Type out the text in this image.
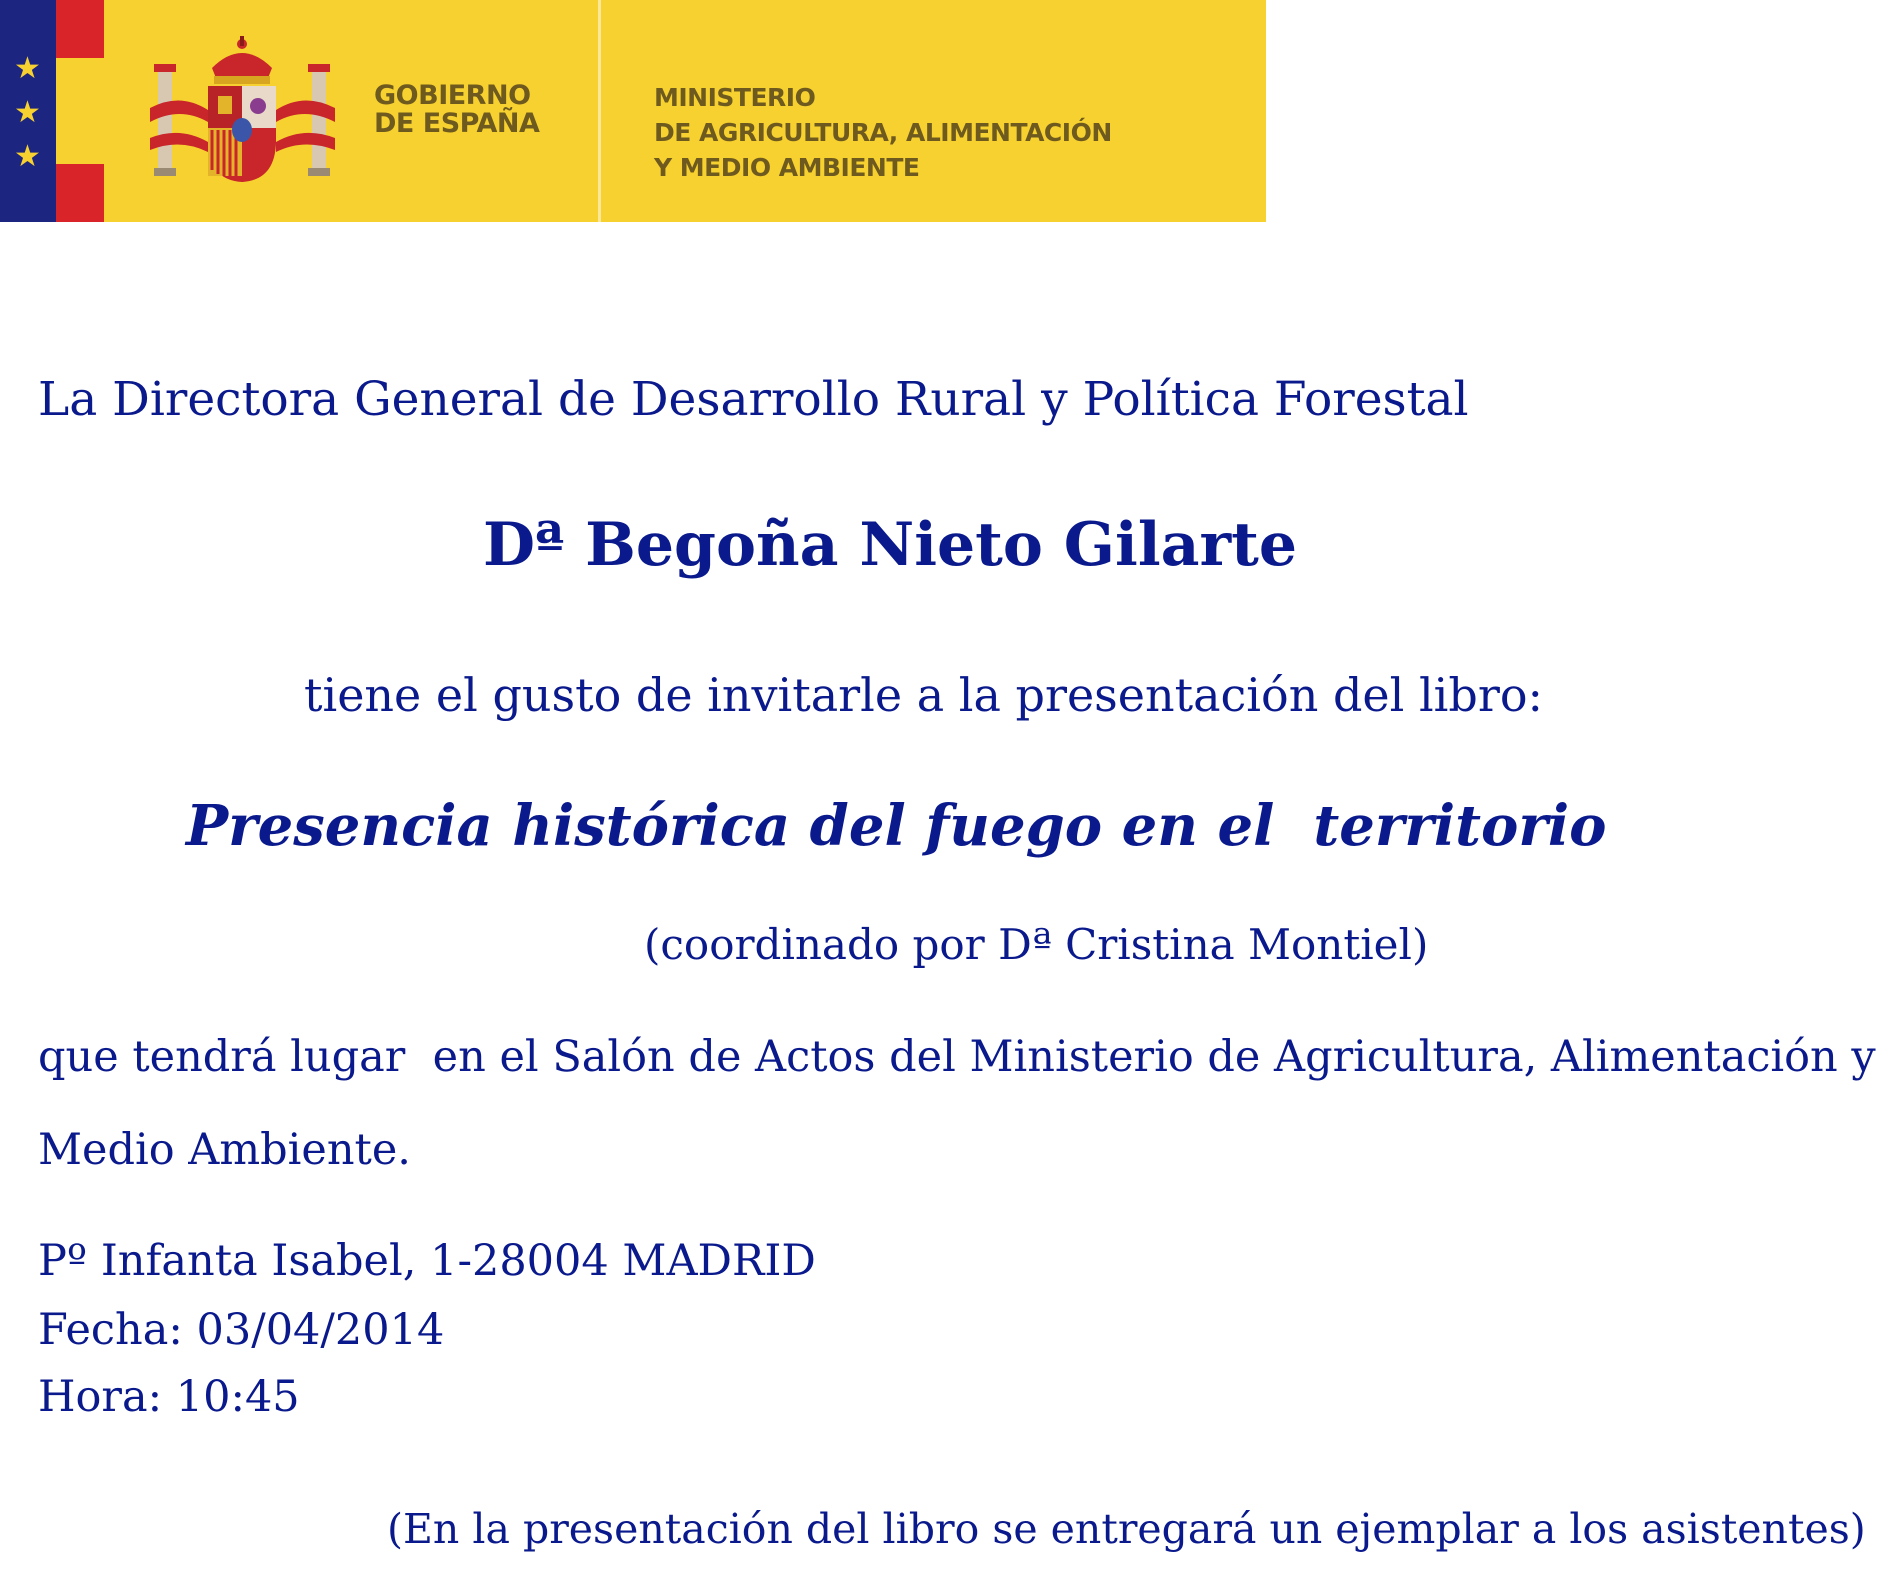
★
★
★
GOBIERNO
DE ESPAÑA
MINISTERIO
DE AGRICULTURA, ALIMENTACIÓN
Y MEDIO AMBIENTE
La Directora General de Desarrollo Rural y Política Forestal
Dª Begoña Nieto Gilarte
tiene el gusto de invitarle a la presentación del libro:
Presencia histórica del fuego en el  territorio
(coordinado por Dª Cristina Montiel)
que tendrá lugar  en el Salón de Actos del Ministerio de Agricultura, Alimentación y
Medio Ambiente.
Pº Infanta Isabel, 1-28004 MADRID
Fecha: 03/04/2014
Hora: 10:45
(En la presentación del libro se entregará un ejemplar a los asistentes)
